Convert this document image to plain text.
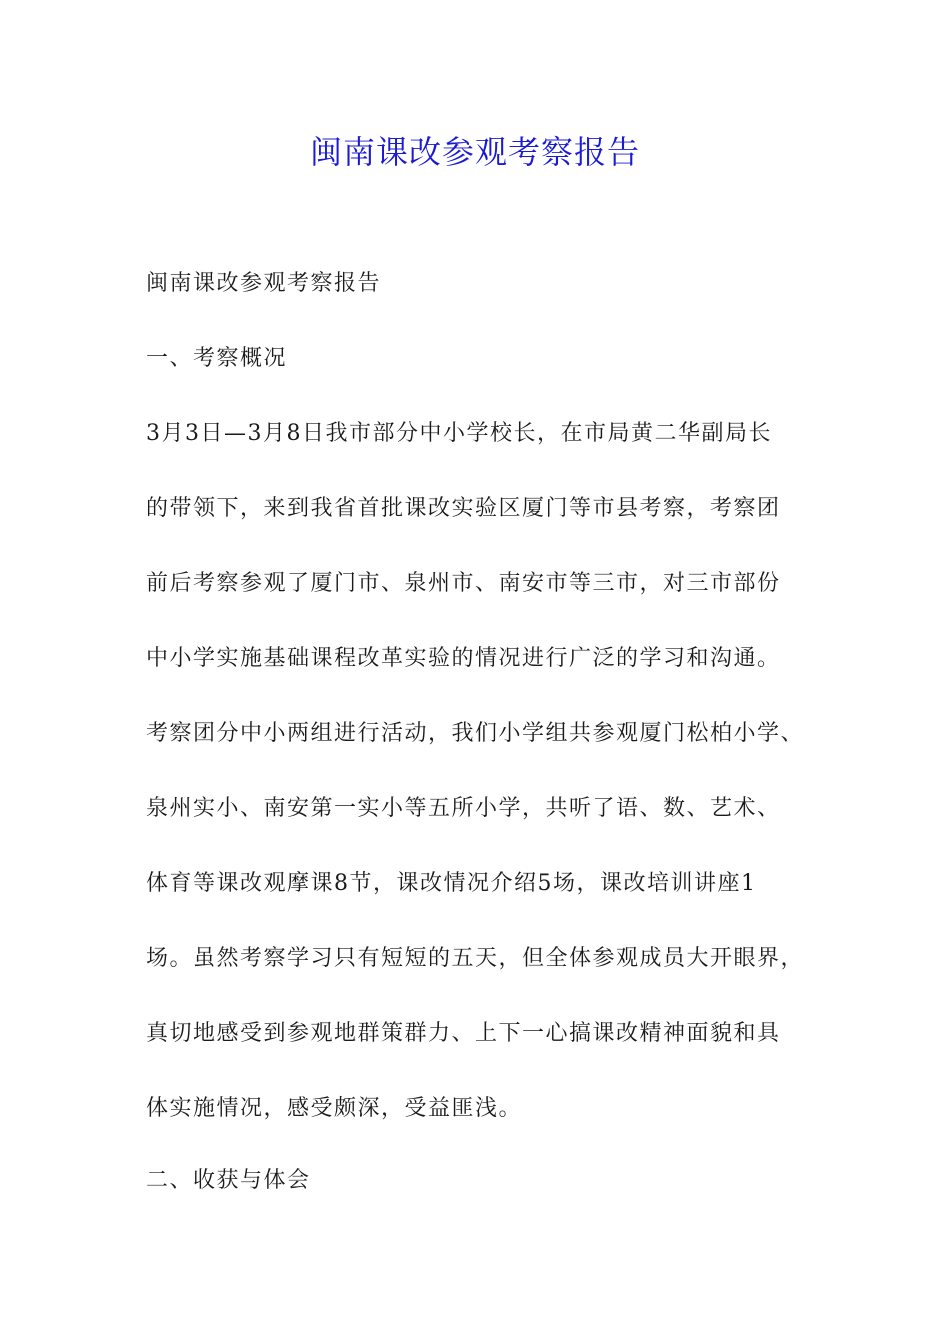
闽南课改参观考察报告

闽南课改参观考察报告

一、考察概况

3月3日—3月8日我市部分中小学校长，在市局黄二华副局长

的带领下，来到我省首批课改实验区厦门等市县考察，考察团

前后考察参观了厦门市、泉州市、南安市等三市，对三市部份

中小学实施基础课程改革实验的情况进行广泛的学习和沟通。

考察团分中小两组进行活动，我们小学组共参观厦门松柏小学、

泉州实小、南安第一实小等五所小学，共听了语、数、艺术、

体育等课改观摩课8节，课改情况介绍5场，课改培训讲座1

场。虽然考察学习只有短短的五天，但全体参观成员大开眼界，

真切地感受到参观地群策群力、上下一心搞课改精神面貌和具

体实施情况，感受颇深，受益匪浅。

二、收获与体会
